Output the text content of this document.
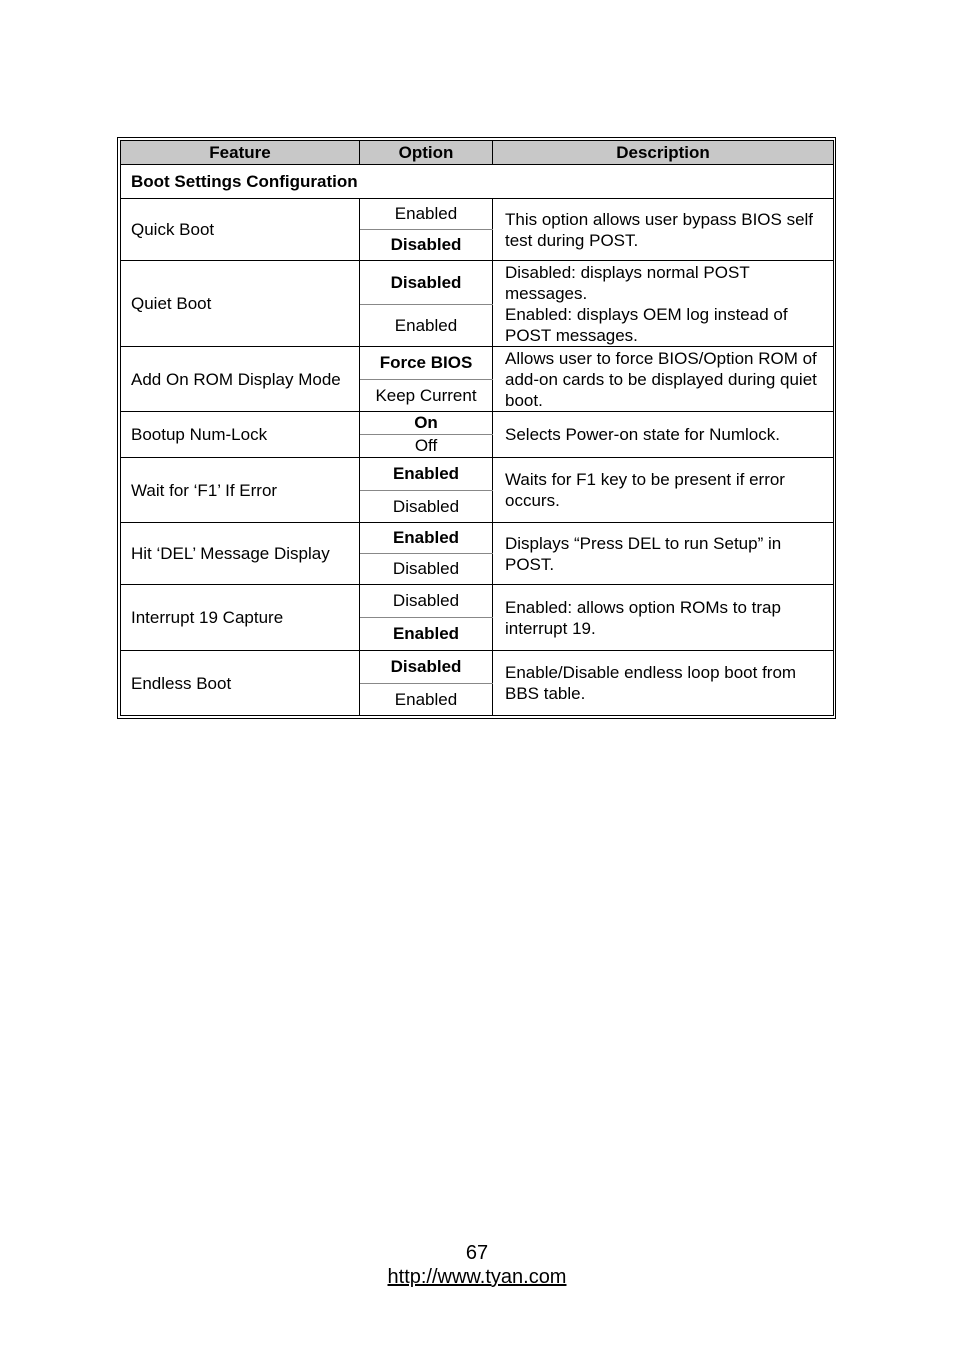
Feature	Option	Description
Boot Settings Configuration		
Quick Boot	Enabled	This option allows user bypass BIOS self test during POST.
	Disabled	
Quiet Boot	Disabled	Disabled: displays normal POST messages.
Enabled: displays OEM log instead of POST messages.

	Enabled	
Add On ROM Display Mode	Force BIOS	Allows user to force BIOS/Option ROM of add-on cards to be displayed during quiet boot.
	Keep Current	
Bootup Num-Lock	On	Selects Power-on state for Numlock.
	Off	
Wait for ‘F1’ If Error	Enabled	Waits for F1 key to be present if error occurs.
	Disabled	
Hit ‘DEL’ Message Display	Enabled	Displays “Press DEL to run Setup” in POST.
	Disabled	
Interrupt 19 Capture	Disabled	Enabled: allows option ROMs to trap interrupt 19.
	Enabled	
Endless Boot	Disabled	Enable/Disable endless loop boot from BBS table.
	Enabled	
67
http://www.tyan.com
